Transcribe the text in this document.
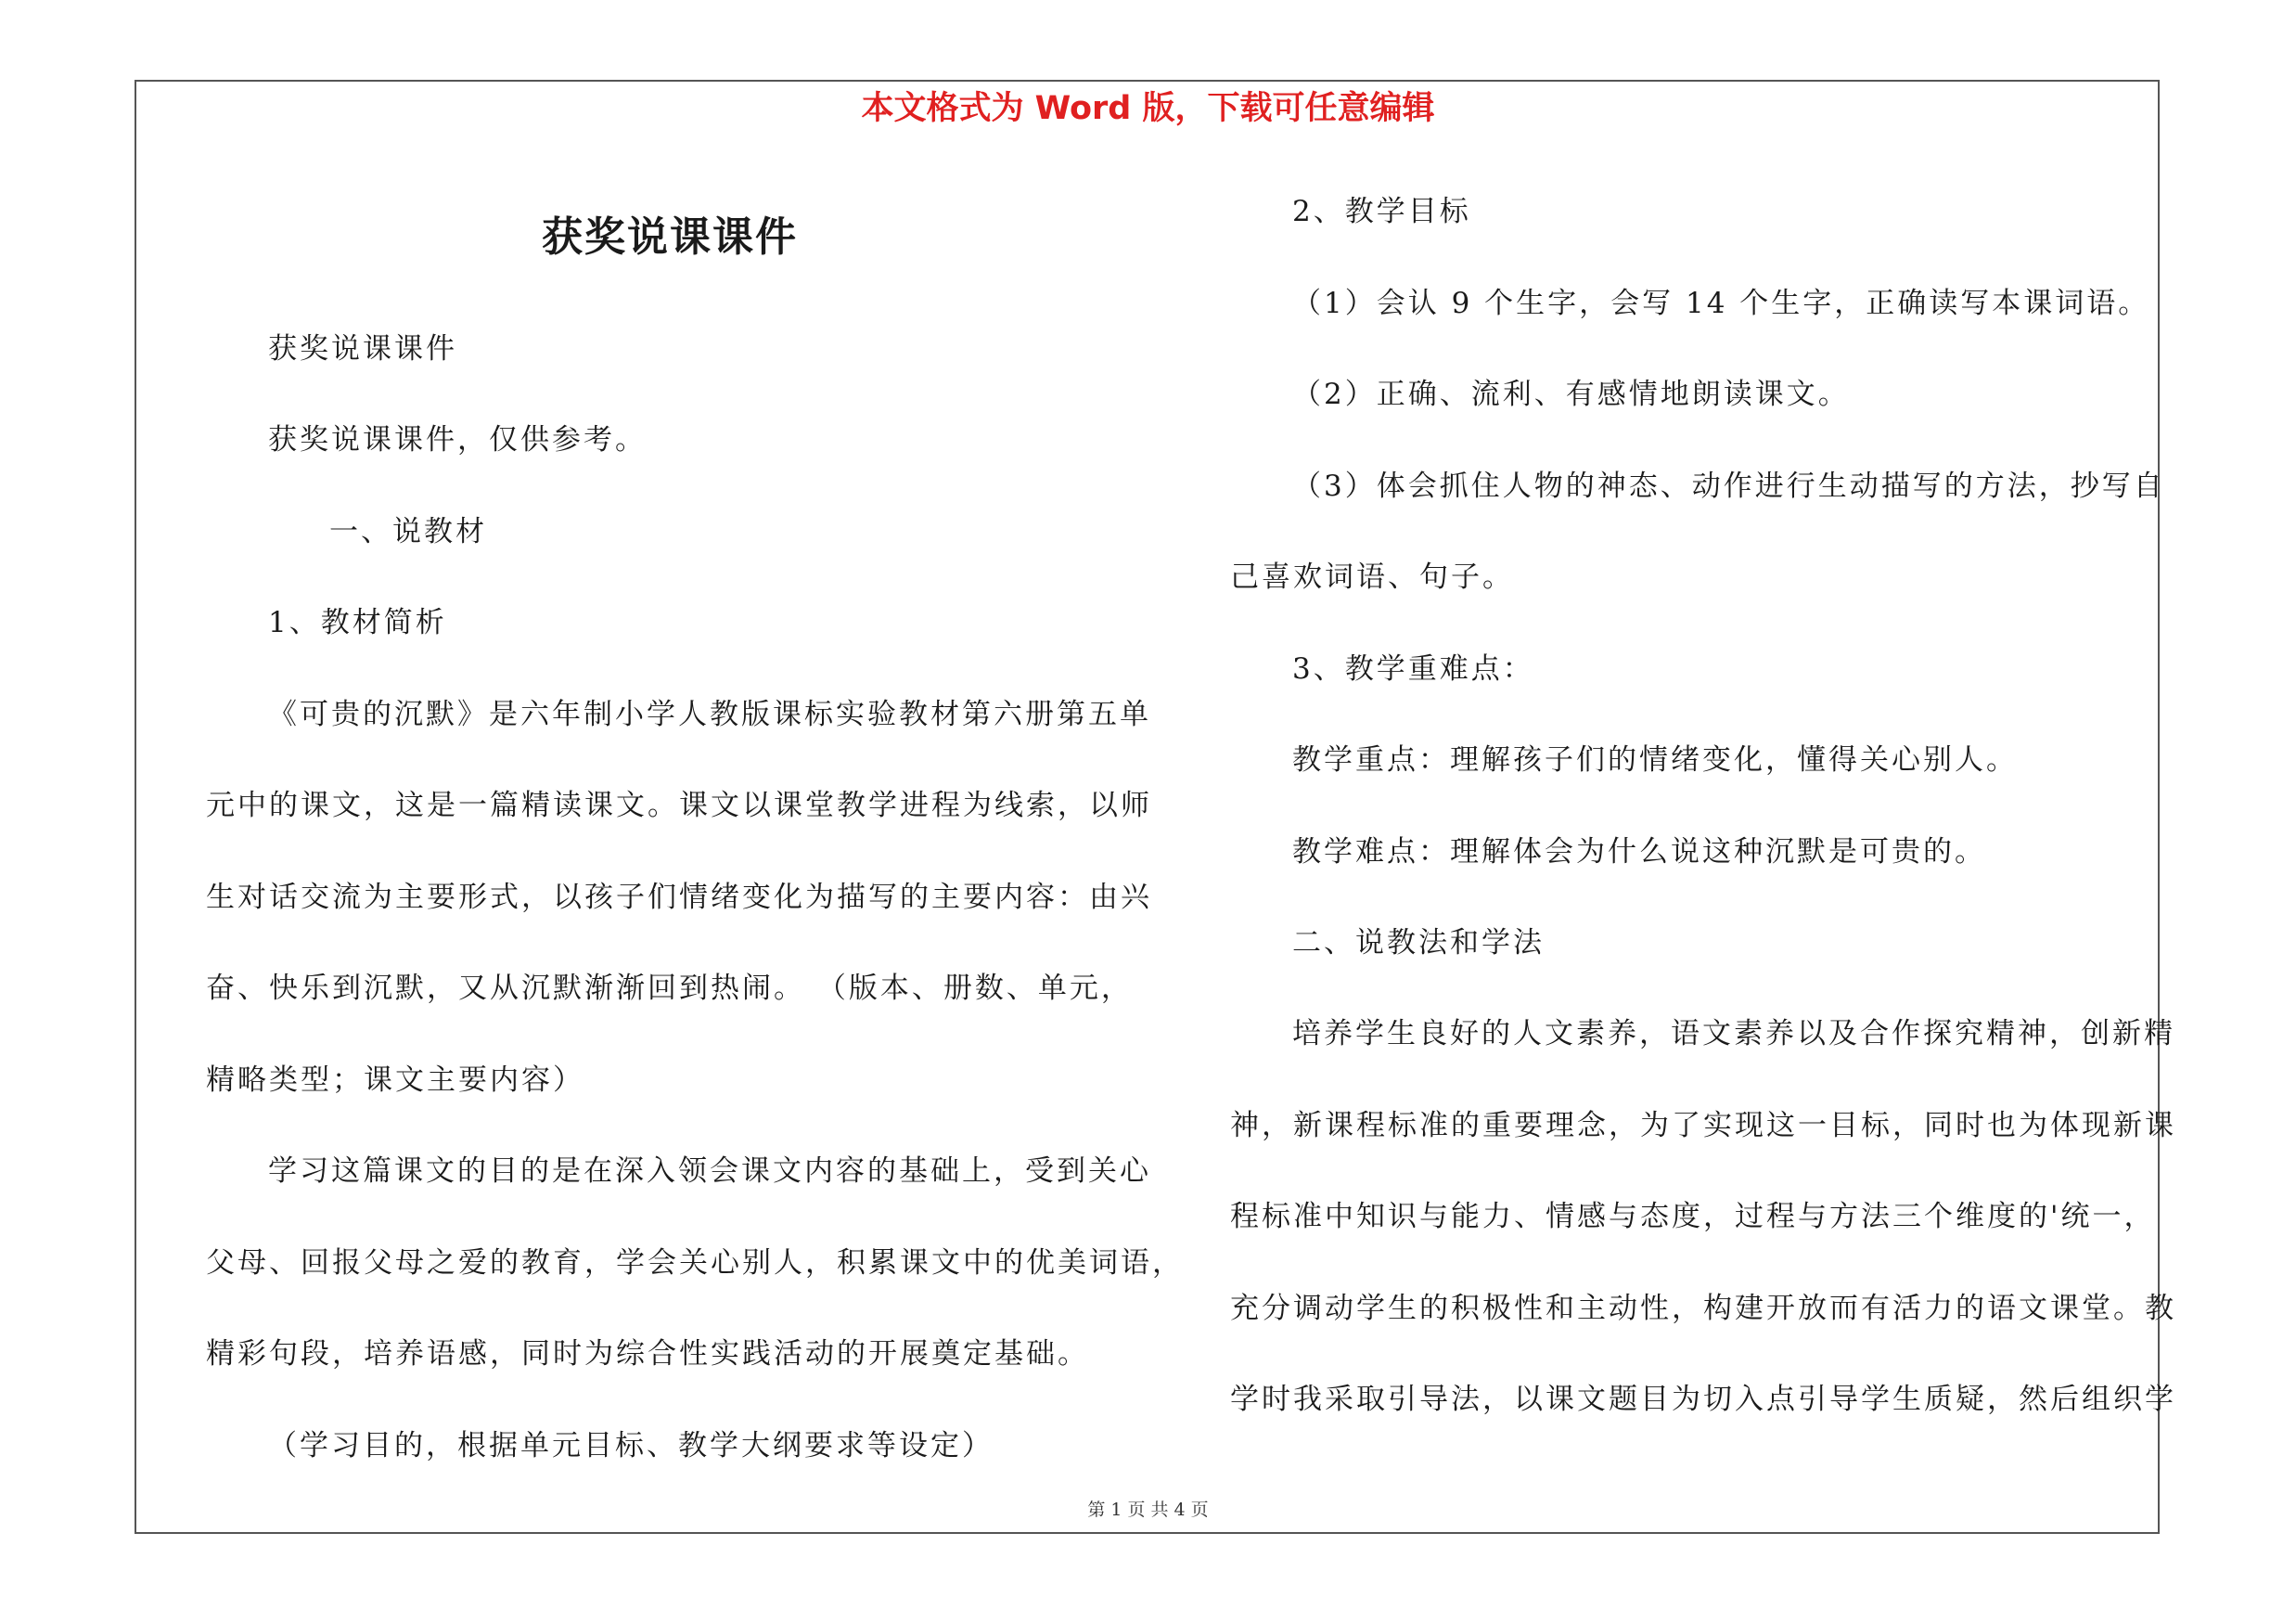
本文格式为 Word 版，下载可任意编辑
获奖说课课件
获奖说课课件
获奖说课课件，仅供参考。
一、说教材
1、教材简析
《可贵的沉默》是六年制小学人教版课标实验教材第六册第五单
元中的课文，这是一篇精读课文。课文以课堂教学进程为线索，以师
生对话交流为主要形式，以孩子们情绪变化为描写的主要内容：由兴
奋、快乐到沉默，又从沉默渐渐回到热闹。 （版本、册数、单元，
精略类型；课文主要内容）
学习这篇课文的目的是在深入领会课文内容的基础上，受到关心
父母、回报父母之爱的教育，学会关心别人，积累课文中的优美词语，
精彩句段，培养语感，同时为综合性实践活动的开展奠定基础。
（学习目的，根据单元目标、教学大纲要求等设定）
2、教学目标
（1）会认 9 个生字，会写 14 个生字，正确读写本课词语。
（2）正确、流利、有感情地朗读课文。
（3）体会抓住人物的神态、动作进行生动描写的方法，抄写自
己喜欢词语、句子。
3、教学重难点：
教学重点：理解孩子们的情绪变化，懂得关心别人。
教学难点：理解体会为什么说这种沉默是可贵的。
二、说教法和学法
培养学生良好的人文素养，语文素养以及合作探究精神，创新精
神，新课程标准的重要理念，为了实现这一目标，同时也为体现新课
程标准中知识与能力、情感与态度，过程与方法三个维度的'统一，
充分调动学生的积极性和主动性，构建开放而有活力的语文课堂。教
学时我采取引导法，以课文题目为切入点引导学生质疑，然后组织学
第 1 页 共 4 页
